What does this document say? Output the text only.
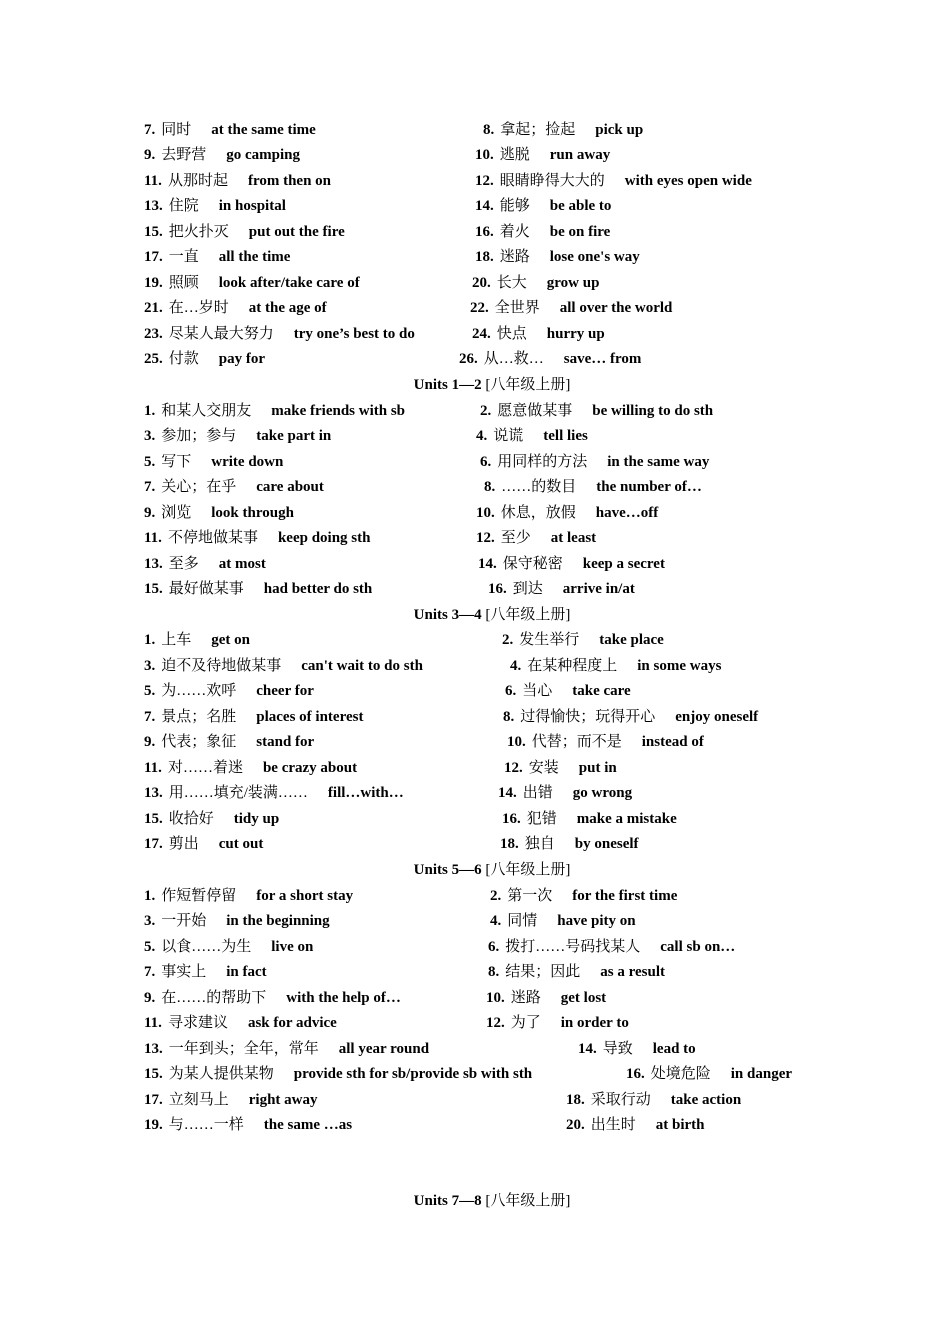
7. 同时 at the same time	8. 拿起；捡起 pick up
9. 去野营 go camping	10. 逃脱 run away
11. 从那时起 from then on	12. 眼睛睁得大大的 with eyes open wide
13. 住院 in hospital	14. 能够 be able to
15. 把火扑灭 put out the fire	16. 着火 be on fire
17. 一直 all the time	18. 迷路 lose one's way
19. 照顾 look after/take care of	20. 长大 grow up
21. 在…岁时 at the age of	22. 全世界 all over the world
23. 尽某人最大努力 try one’s best to do	24. 快点 hurry up
25. 付款 pay for	26. 从…救… save… from
Units 1—2 [八年级上册]
1. 和某人交朋友 make friends with sb	2. 愿意做某事 be willing to do sth
3. 参加；参与 take part in	4. 说谎 tell lies
5. 写下 write down	6. 用同样的方法 in the same way
7. 关心；在乎 care about	8. ……的数目 the number of…
9. 浏览 look through	10. 休息，放假 have…off
11. 不停地做某事 keep doing sth	12. 至少 at least
13. 至多 at most	14. 保守秘密 keep a secret
15. 最好做某事 had better do sth	16. 到达 arrive in/at
Units 3—4 [八年级上册]
1. 上车 get on	2. 发生举行 take place
3. 迫不及待地做某事 can't wait to do sth	4. 在某种程度上 in some ways
5. 为……欢呼 cheer for	6. 当心 take care
7. 景点；名胜 places of interest	8. 过得愉快；玩得开心 enjoy oneself
9. 代表；象征 stand for	10. 代替；而不是 instead of
11. 对……着迷 be crazy about	12. 安装 put in
13. 用……填充/装满…… fill…with…	14. 出错 go wrong
15. 收拾好 tidy up	16. 犯错 make a mistake
17. 剪出 cut out	18. 独自 by oneself
Units 5—6 [八年级上册]
1. 作短暂停留 for a short stay	2. 第一次 for the first time
3. 一开始 in the beginning	4. 同情 have pity on
5. 以食……为生 live on	6. 拨打……号码找某人 call sb on…
7. 事实上 in fact	8. 结果；因此 as a result
9. 在……的帮助下 with the help of…	10. 迷路 get lost
11. 寻求建议 ask for advice	12. 为了 in order to
13. 一年到头；全年，常年 all year round	14. 导致 lead to
15. 为某人提供某物 provide sth for sb/provide sb with sth	16. 处境危险 in danger
17. 立刻马上 right away	18. 采取行动 take action
19. 与……一样 the same …as	20. 出生时 at birth
Units 7—8 [八年级上册]
